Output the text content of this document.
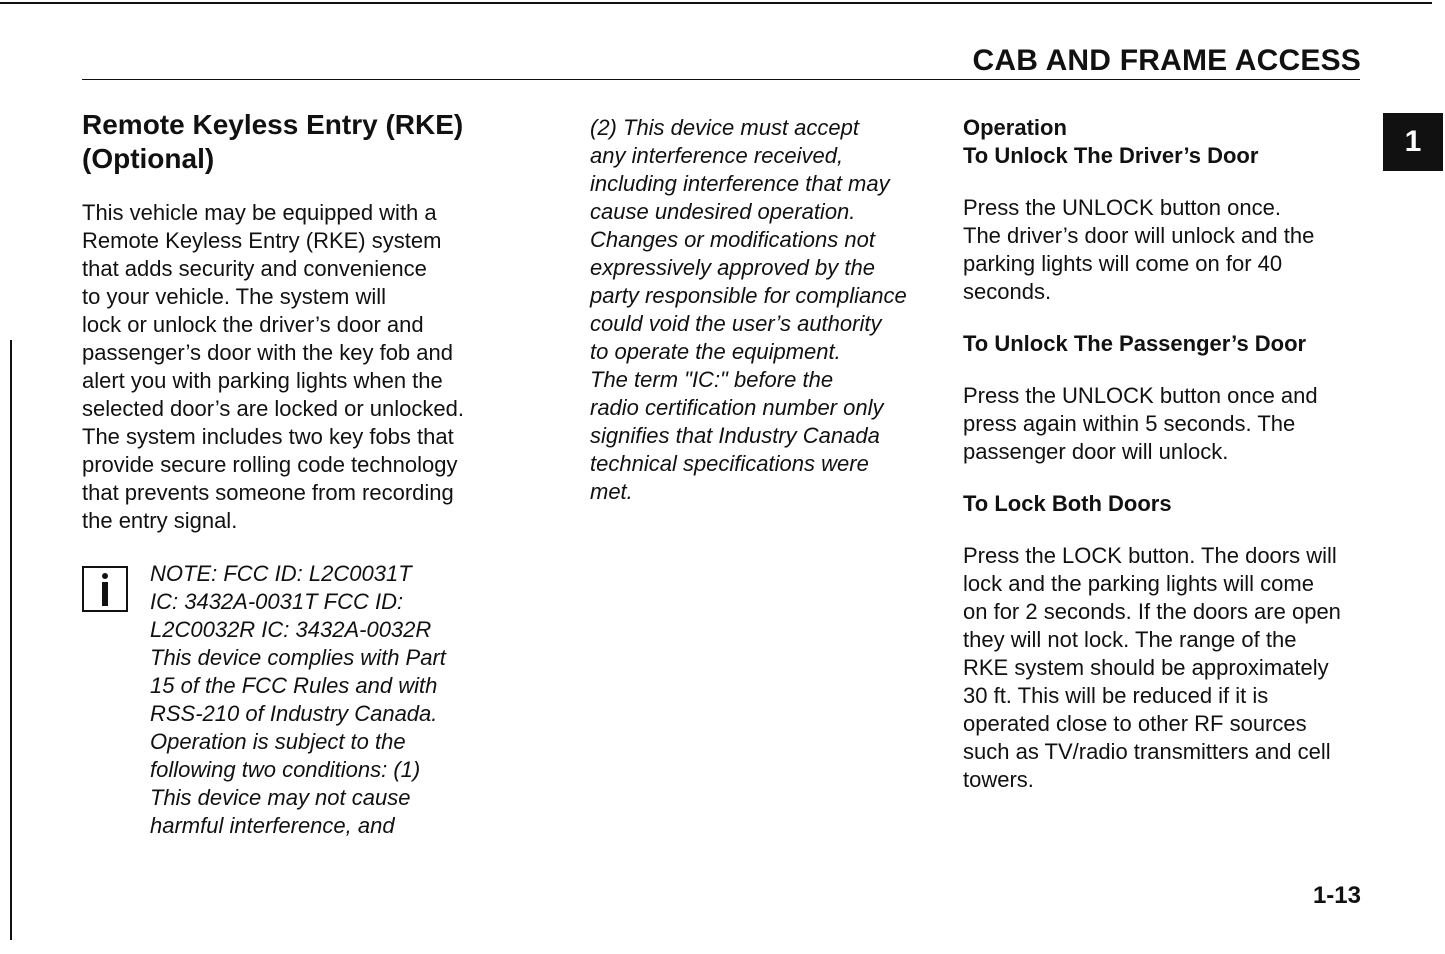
CAB AND FRAME ACCESS
1
Remote Keyless Entry (RKE)
(Optional)

This vehicle may be equipped with a
Remote Keyless Entry (RKE) system
that adds security and convenience
to your vehicle. The system will
lock or unlock the driver’s door and
passenger’s door with the key fob and
alert you with parking lights when the
selected door’s are locked or unlocked.
The system includes two key fobs that
provide secure rolling code technology
that prevents someone from recording
the entry signal.

NOTE: FCC ID: L2C0031T
IC: 3432A-0031T FCC ID:
L2C0032R IC: 3432A-0032R
This device complies with Part
15 of the FCC Rules and with
RSS-210 of Industry Canada.
Operation is subject to the
following two conditions: (1)
This device may not cause
harmful interference, and

(2) This device must accept
any interference received,
including interference that may
cause undesired operation.
Changes or modifications not
expressively approved by the
party responsible for compliance
could void the user’s authority
to operate the equipment.
The term "IC:" before the
radio certification number only
signifies that Industry Canada
technical specifications were
met.

Operation
To Unlock The Driver’s Door

Press the UNLOCK button once.
The driver’s door will unlock and the
parking lights will come on for 40
seconds.

To Unlock The Passenger’s Door

Press the UNLOCK button once and
press again within 5 seconds. The
passenger door will unlock.

To Lock Both Doors

Press the LOCK button. The doors will
lock and the parking lights will come
on for 2 seconds. If the doors are open
they will not lock. The range of the
RKE system should be approximately
30 ft. This will be reduced if it is
operated close to other RF sources
such as TV/radio transmitters and cell
towers.

1-13
